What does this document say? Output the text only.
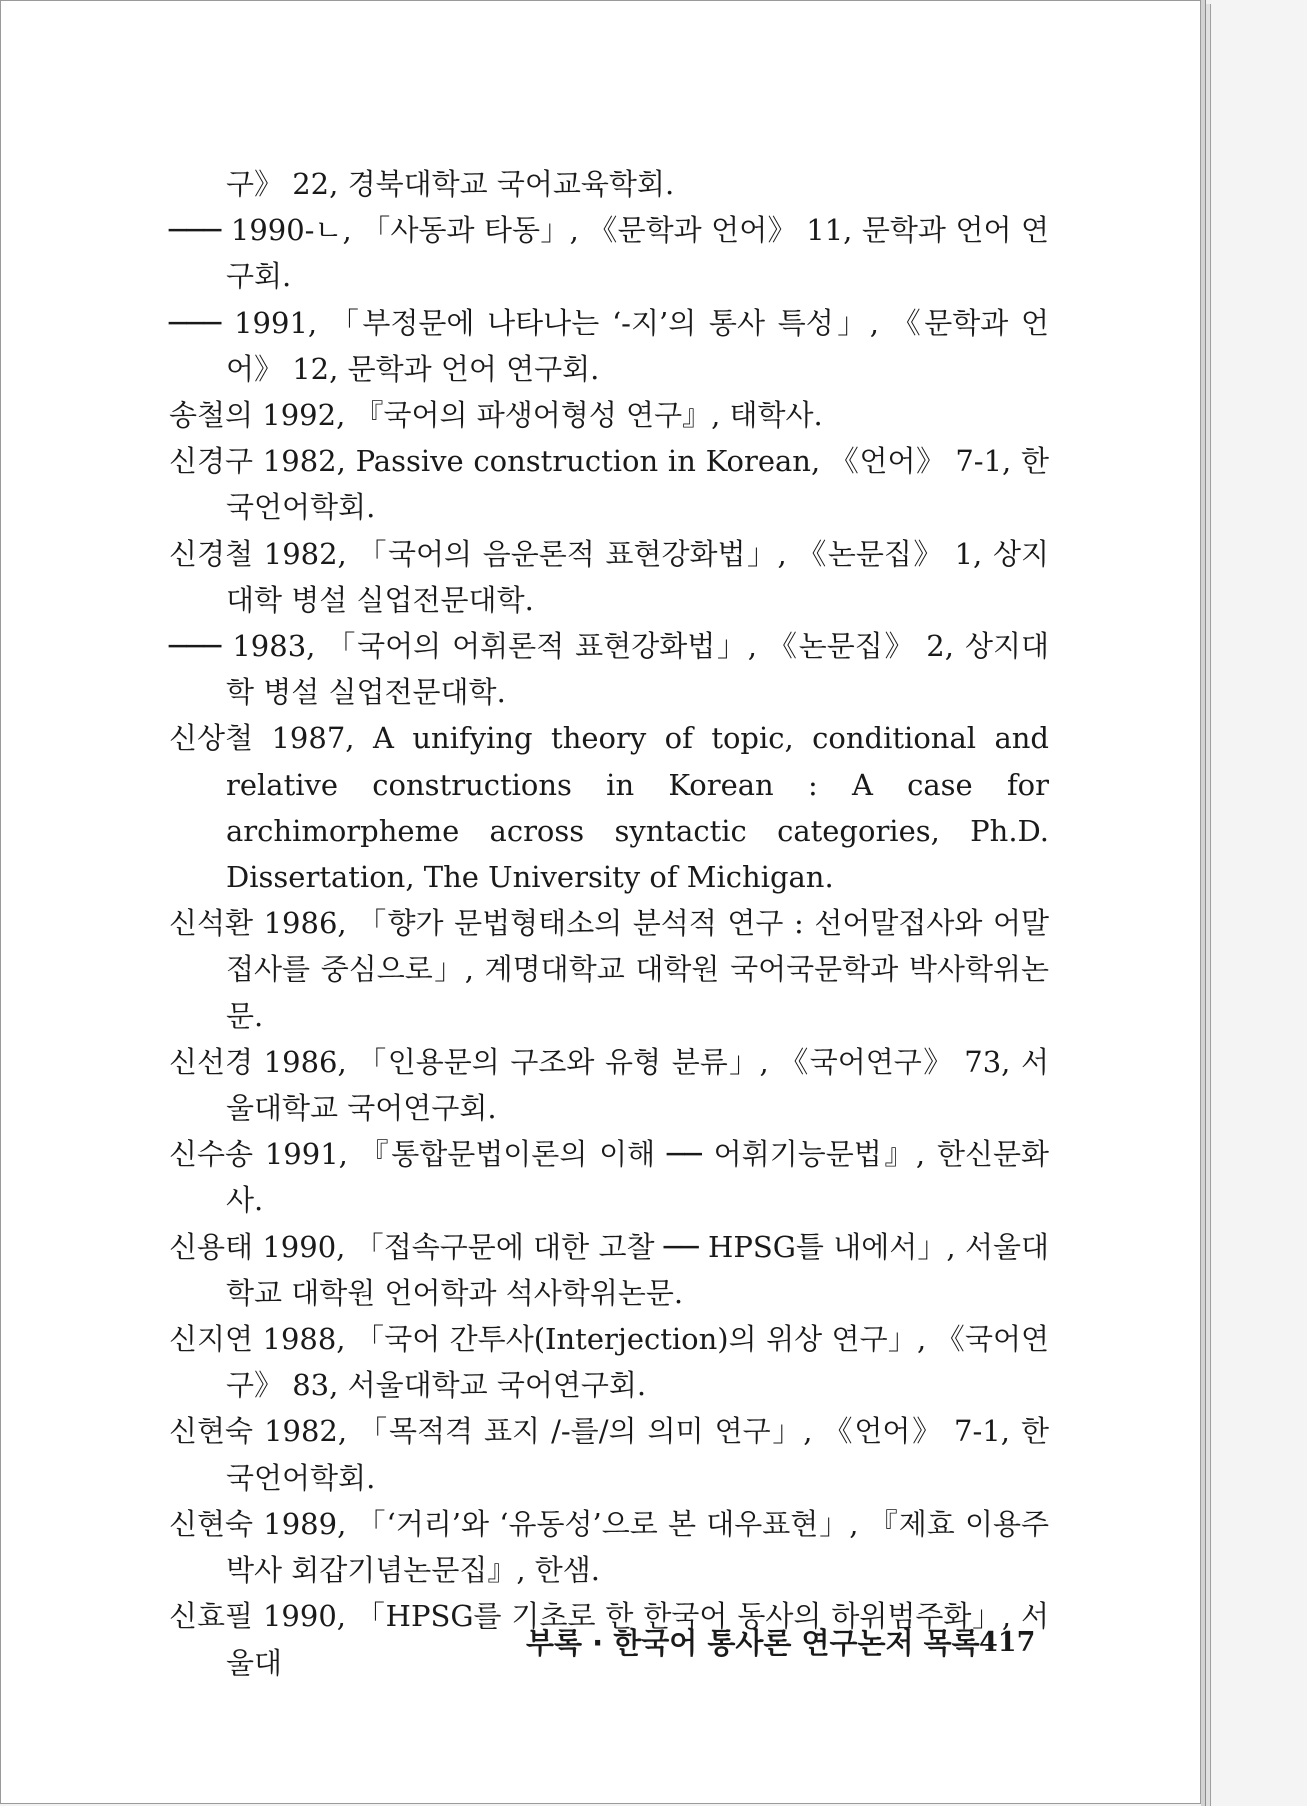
구》 22, 경북대학교 국어교육학회.
─── 1990-ㄴ, 「사동과 타동」, 《문학과 언어》 11, 문학과 언어 연구회.
─── 1991, 「부정문에 나타나는 ‘-지’의 통사 특성」, 《문학과 언어》 12, 문학과 언어 연구회.
송철의 1992, 『국어의 파생어형성 연구』, 태학사.
신경구 1982, Passive construction in Korean, 《언어》 7-1, 한국언어학회.
신경철 1982, 「국어의 음운론적 표현강화법」, 《논문집》 1, 상지대학 병설 실업전문대학.
─── 1983, 「국어의 어휘론적 표현강화법」, 《논문집》 2, 상지대학 병설 실업전문대학.
신상철 1987, A unifying theory of topic, conditional and relative constructions in Korean : A case for archimorpheme across syntactic categories, Ph.D. Dissertation, The University of Michigan.
신석환 1986, 「향가 문법형태소의 분석적 연구 : 선어말접사와 어말접사를 중심으로」, 계명대학교 대학원 국어국문학과 박사학위논문.
신선경 1986, 「인용문의 구조와 유형 분류」, 《국어연구》 73, 서울대학교 국어연구회.
신수송 1991, 『통합문법이론의 이해 ── 어휘기능문법』, 한신문화사.
신용태 1990, 「접속구문에 대한 고찰 ── HPSG틀 내에서」, 서울대학교 대학원 언어학과 석사학위논문.
신지연 1988, 「국어 간투사(Interjection)의 위상 연구」, 《국어연구》 83, 서울대학교 국어연구회.
신현숙 1982, 「목적격 표지 /-를/의 의미 연구」, 《언어》 7-1, 한국언어학회.
신현숙 1989, 「‘거리’와 ‘유동성’으로 본 대우표현」, 『제효 이용주박사 회갑기념논문집』, 한샘.
신효필 1990, 「HPSG를 기초로 한 한국어 동사의 하위범주화」, 서울대
부록 · 한국어 통사론 연구논저 목록 417
